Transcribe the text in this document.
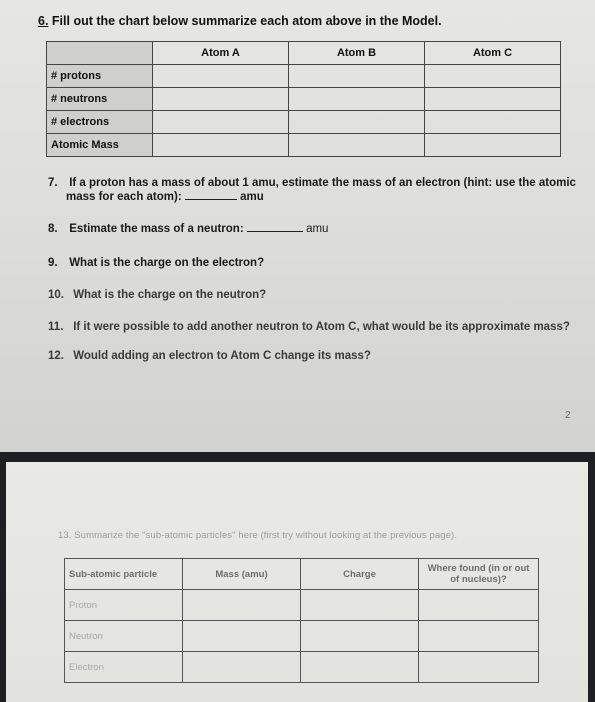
6. Fill out the chart below summarize each atom above in the Model.
	Atom A	Atom B	Atom C
# protons			
# neutrons			
# electrons			
Atomic Mass			
7. If a proton has a mass of about 1 amu, estimate the mass of an electron (hint: use the atomic
mass for each atom):	amu
8. Estimate the mass of a neutron:	amu
9. What is the charge on the electron?
10. What is the charge on the neutron?
11. If it were possible to add another neutron to Atom C, what would be its approximate mass?
12. Would adding an electron to Atom C change its mass?
2
13. Summarize the "sub-atomic particles" here (first try without looking at the previous page).
Sub-atomic particle	Mass (amu)	Charge	Where found (in or out of nucleus)?
Proton			
Neutron			
Electron			
